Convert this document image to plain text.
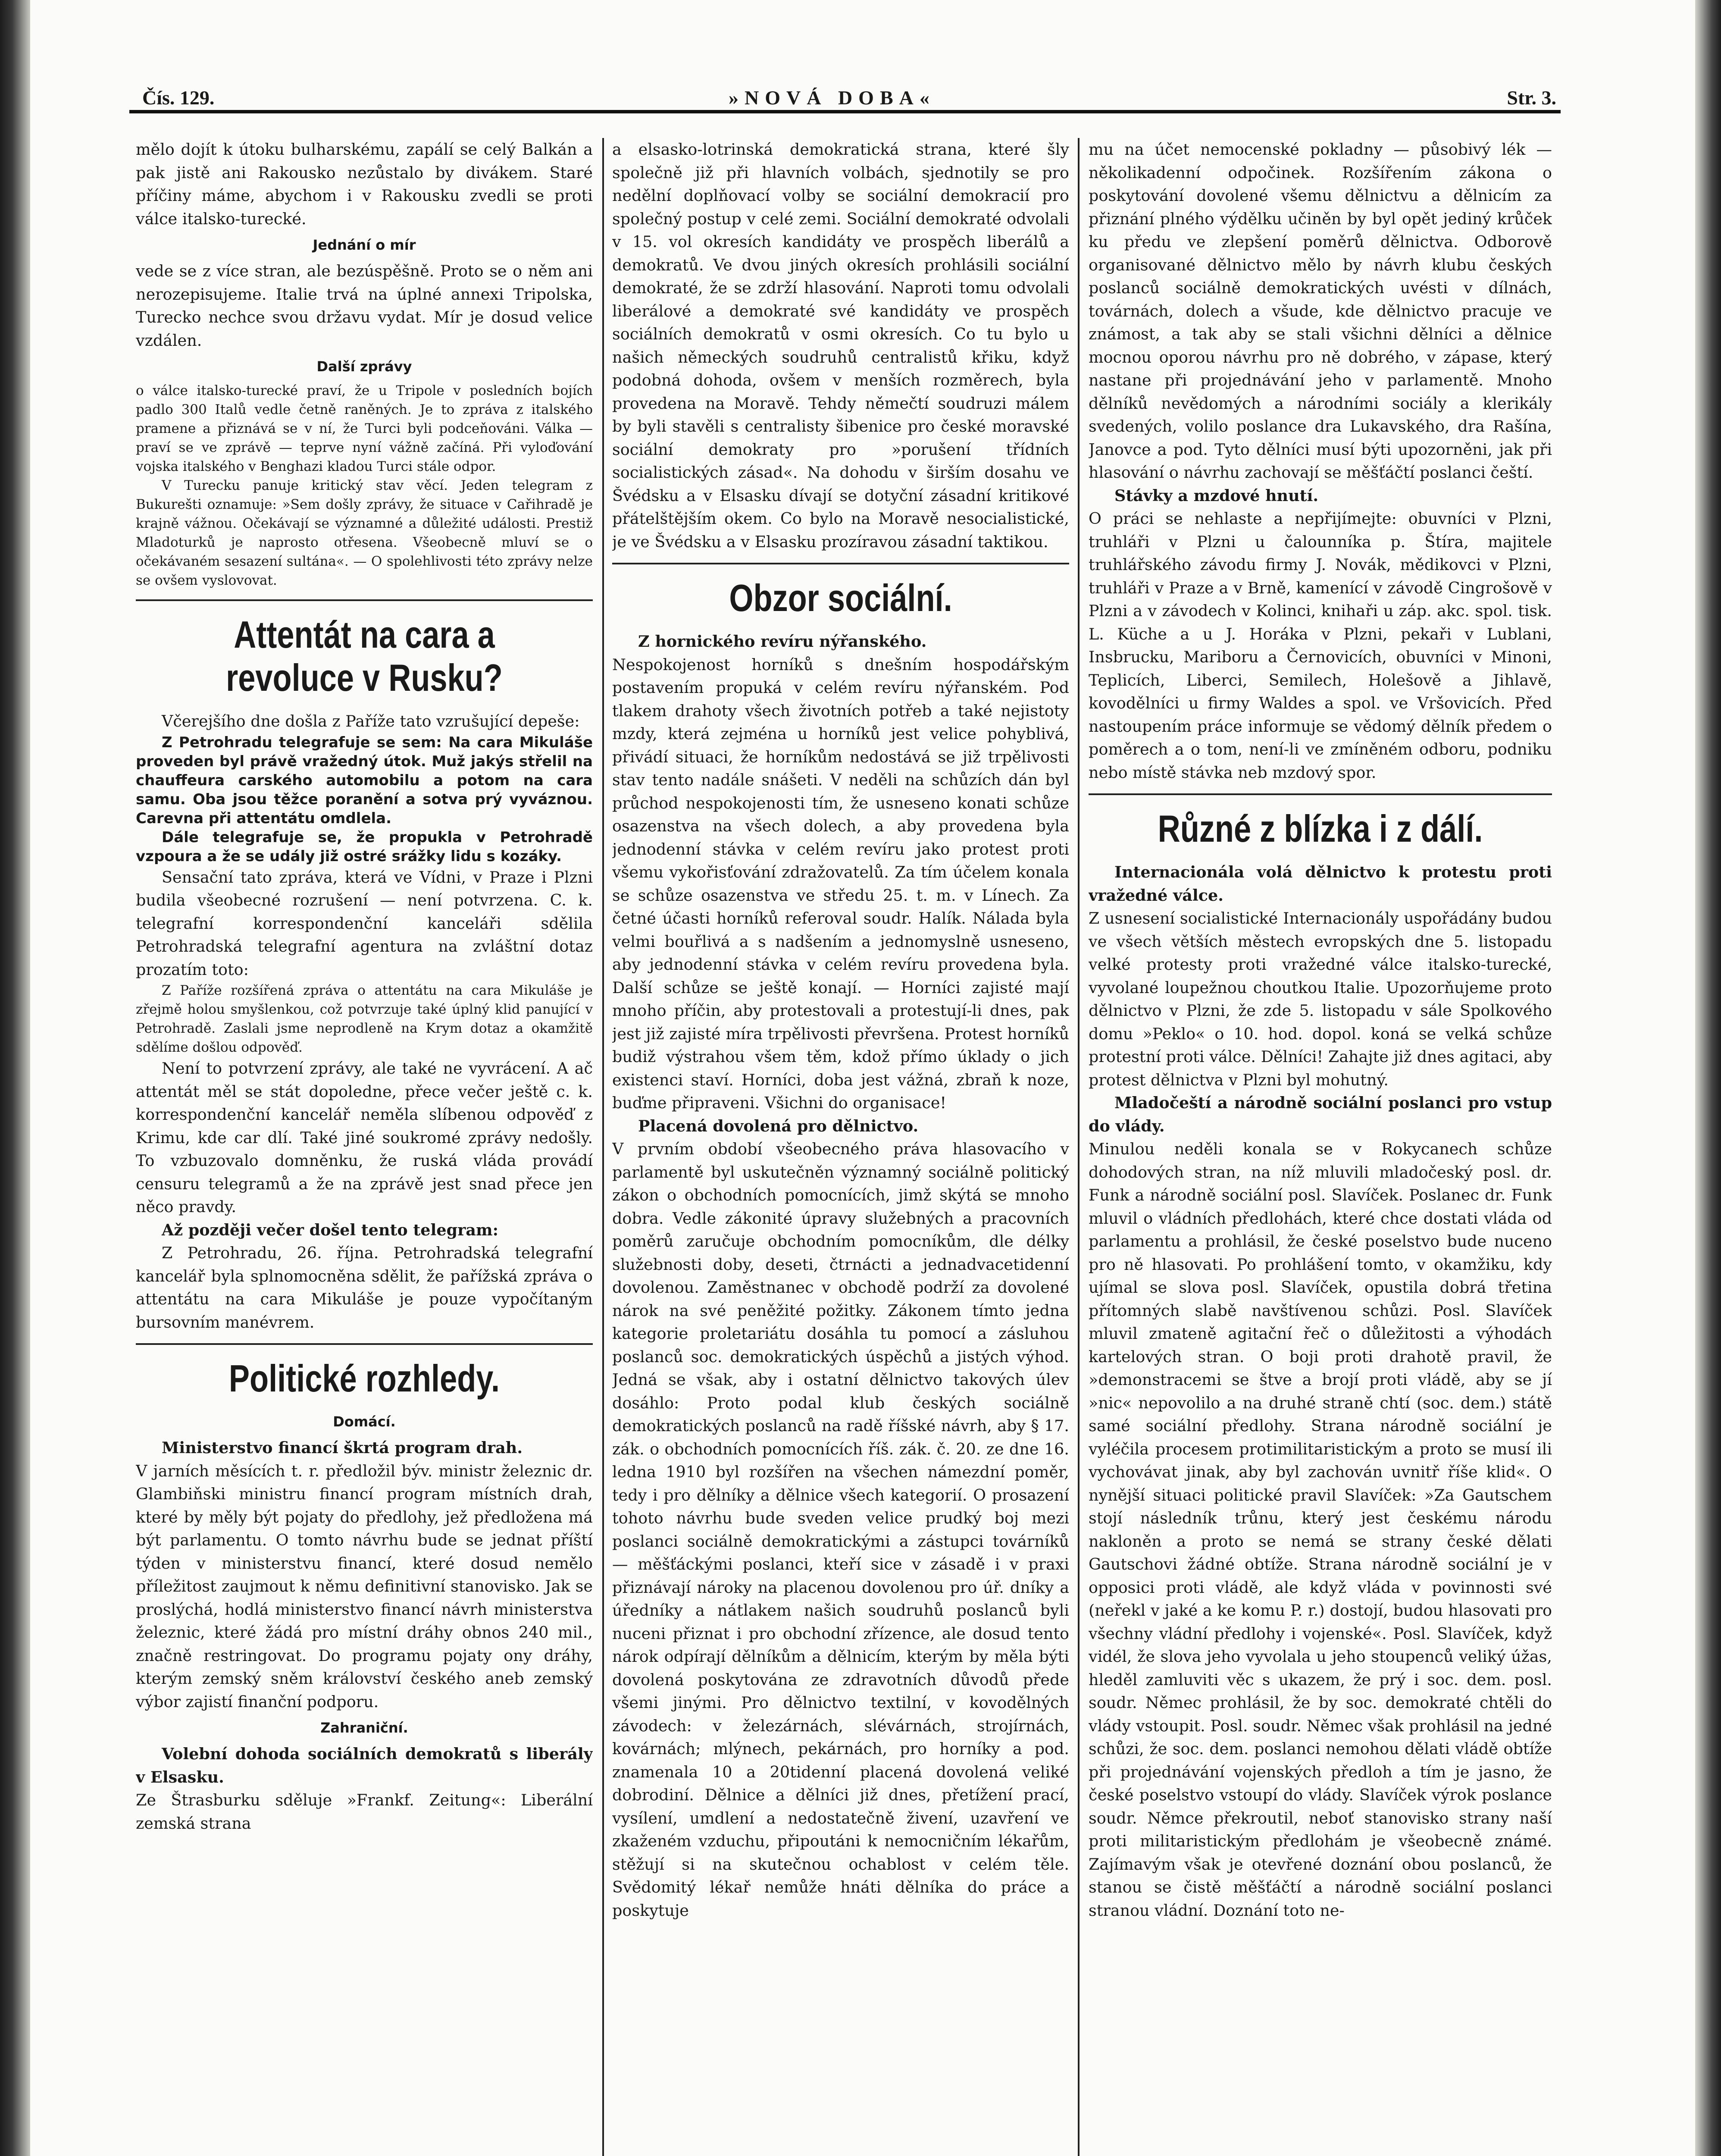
Čís. 129.	»NOVÁ DOBA«	Str. 3.

mělo dojít k útoku bulharskému, zapálí se celý Balkán a pak jistě ani Rakousko nezůstalo by divákem. Staré příčiny máme, abychom i v Rakousku zvedli se proti válce italsko-turecké.

Jednání o mír

vede se z více stran, ale bezúspěšně. Proto se o něm ani nerozepisujeme. Italie trvá na úplné annexi Tripolska, Turecko nechce svou državu vydat. Mír je dosud velice vzdálen.

Další zprávy

o válce italsko-turecké praví, že u Tripole v posledních bojích padlo 300 Italů vedle četně raněných. Je to zpráva z italského pramene a přiznává se v ní, že Turci byli podceňováni. Válka — praví se ve zprávě — teprve nyní vážně začíná. Při vyloďování vojska italského v Benghazi kladou Turci stále odpor.

V Turecku panuje kritický stav věcí. Jeden telegram z Bukurešti oznamuje: »Sem došly zprávy, že situace v Cařihradě je krajně vážnou. Očekávají se významné a důležité události. Prestiž Mladoturků je naprosto otřesena. Všeobecně mluví se o očekávaném sesazení sultána«. — O spolehlivosti této zprávy nelze se ovšem vyslovovat.

Attentát na cara a revoluce v Rusku?

Včerejšího dne došla z Paříže tato vzrušující depeše:

Z Petrohradu telegrafuje se sem: Na cara Mikuláše proveden byl právě vražedný útok. Muž jakýs střelil na chauffeura carského automobilu a potom na cara samu. Oba jsou těžce poranění a sotva prý vyváznou. Carevna při attentátu omdlela.

Dále telegrafuje se, že propukla v Petrohradě vzpoura a že se udály již ostré srážky lidu s kozáky.

Sensační tato zpráva, která ve Vídni, v Praze i Plzni budila všeobecné rozrušení — není potvrzena. C. k. telegrafní korrespondenční kanceláři sdělila Petrohradská telegrafní agentura na zvláštní dotaz prozatím toto:

Z Paříže rozšířená zpráva o attentátu na cara Mikuláše je zřejmě holou smyšlenkou, což potvrzuje také úplný klid panující v Petrohradě. Zaslali jsme neprodleně na Krym dotaz a okamžitě sdělíme došlou odpověď.

Není to potvrzení zprávy, ale také ne vyvrácení. A ač attentát měl se stát dopoledne, přece večer ještě c. k. korrespondenční kancelář neměla slíbenou odpověď z Krimu, kde car dlí. Také jiné soukromé zprávy nedošly. To vzbuzovalo domněnku, že ruská vláda provádí censuru telegramů a že na zprávě jest snad přece jen něco pravdy.

Až později večer došel tento telegram:

Z Petrohradu, 26. října. Petrohradská telegrafní kancelář byla splnomocněna sdělit, že pařížská zpráva o attentátu na cara Mikuláše je pouze vypočítaným bursovním manévrem.

Politické rozhledy.
Domácí.

Ministerstvo financí škrtá program drah.

V jarních měsících t. r. předložil býv. ministr železnic dr. Glambiňski ministru financí program místních drah, které by měly být pojaty do předlohy, jež předložena má být parlamentu. O tomto návrhu bude se jednat příští týden v ministerstvu financí, které dosud nemělo příležitost zaujmout k němu definitivní stanovisko. Jak se proslýchá, hodlá ministerstvo financí návrh ministerstva železnic, které žádá pro místní dráhy obnos 240 mil., značně restringovat. Do programu pojaty ony dráhy, kterým zemský sněm království českého aneb zemský výbor zajistí finanční podporu.

Zahraniční.

Volební dohoda sociálních demokratů s liberály v Elsasku.

Ze Štrasburku sděluje »Frankf. Zeitung«: Liberální zemská strana

a elsasko-lotrinská demokratická strana, které šly společně již při hlavních volbách, sjednotily se pro nedělní doplňovací volby se sociální demokracií pro společný postup v celé zemi. Sociální demokraté odvolali v 15. vol okresích kandidáty ve prospěch liberálů a demokratů. Ve dvou jiných okresích prohlásili sociální demokraté, že se zdrží hlasování. Naproti tomu odvolali liberálové a demokraté své kandidáty ve prospěch sociálních demokratů v osmi okresích. Co tu bylo u našich německých soudruhů centralistů křiku, když podobná dohoda, ovšem v menších rozměrech, byla provedena na Moravě. Tehdy němečtí soudruzi málem by byli stavěli s centralisty šibenice pro české moravské sociální demokraty pro »porušení třídních socialistických zásad«. Na dohodu v širším dosahu ve Švédsku a v Elsasku dívají se dotyční zásadní kritikové přátelštějším okem. Co bylo na Moravě nesocialistické, je ve Švédsku a v Elsasku prozíravou zásadní taktikou.

Obzor sociální.

Z hornického revíru nýřanského.

Nespokojenost horníků s dnešním hospodářským postavením propuká v celém revíru nýřanském. Pod tlakem drahoty všech životních potřeb a také nejistoty mzdy, která zejména u horníků jest velice pohyblivá, přivádí situaci, že horníkům nedostává se již trpělivosti stav tento nadále snášeti. V neděli na schůzích dán byl průchod nespokojenosti tím, že usneseno konati schůze osazenstva na všech dolech, a aby provedena byla jednodenní stávka v celém revíru jako protest proti všemu vykořisťování zdražovatelů. Za tím účelem konala se schůze osazenstva ve středu 25. t. m. v Línech. Za četné účasti horníků referoval soudr. Halík. Nálada byla velmi bouřlivá a s nadšením a jednomyslně usneseno, aby jednodenní stávka v celém revíru provedena byla. Další schůze se ještě konají. — Horníci zajisté mají mnoho příčin, aby protestovali a protestují-li dnes, pak jest již zajisté míra trpělivosti převršena. Protest horníků budiž výstrahou všem těm, kdož přímo úklady o jich existenci staví. Horníci, doba jest vážná, zbraň k noze, buďme připraveni. Všichni do organisace!

Placená dovolená pro dělnictvo.

V prvním období všeobecného práva hlasovacího v parlamentě byl uskutečněn významný sociálně politický zákon o obchodních pomocnících, jimž skýtá se mnoho dobra. Vedle zákonité úpravy služebných a pracovních poměrů zaručuje obchodním pomocníkům, dle délky služebnosti doby, deseti, čtrnácti a jednadvacetidenní dovolenou. Zaměstnanec v obchodě podrží za dovolené nárok na své peněžité požitky. Zákonem tímto jedna kategorie proletariátu dosáhla tu pomocí a zásluhou poslanců soc. demokratických úspěchů a jistých výhod. Jedná se však, aby i ostatní dělnictvo takových úlev dosáhlo: Proto podal klub českých sociálně demokratických poslanců na radě říšské návrh, aby § 17. zák. o obchodních pomocnících říš. zák. č. 20. ze dne 16. ledna 1910 byl rozšířen na všechen námezdní poměr, tedy i pro dělníky a dělnice všech kategorií. O prosazení tohoto návrhu bude sveden velice prudký boj mezi poslanci sociálně demokratickými a zástupci továrníků — měšťáckými poslanci, kteří sice v zásadě i v praxi přiznávají nároky na placenou dovolenou pro úř. dníky a úředníky a nátlakem našich soudruhů poslanců byli nuceni přiznat i pro obchodní zřízence, ale dosud tento nárok odpírají dělníkům a dělnicím, kterým by měla býti dovolená poskytována ze zdravotních důvodů přede všemi jinými. Pro dělnictvo textilní, v kovodělných závodech: v železárnách, slévárnách, strojírnách, kovárnách; mlýnech, pekárnách, pro horníky a pod. znamenala 10 a 20tidenní placená dovolená veliké dobrodiní. Dělnice a dělníci již dnes, přetížení prací, vysílení, umdlení a nedostatečně živení, uzavření ve zkaženém vzduchu, připoutáni k nemocničním lékařům, stěžují si na skutečnou ochablost v celém těle. Svědomitý lékař nemůže hnáti dělníka do práce a poskytuje

mu na účet nemocenské pokladny — působivý lék — několikadenní odpočinek. Rozšířením zákona o poskytování dovolené všemu dělnictvu a dělnicím za přiznání plného výdělku učiněn by byl opět jediný krůček ku předu ve zlepšení poměrů dělnictva. Odborově organisované dělnictvo mělo by návrh klubu českých poslanců sociálně demokratických uvésti v dílnách, továrnách, dolech a všude, kde dělnictvo pracuje ve známost, a tak aby se stali všichni dělníci a dělnice mocnou oporou návrhu pro ně dobrého, v zápase, který nastane při projednávání jeho v parlamentě. Mnoho dělníků nevědomých a národními sociály a klerikály svedených, volilo poslance dra Lukavského, dra Rašína, Janovce a pod. Tyto dělníci musí býti upozorněni, jak při hlasování o návrhu zachovají se měšťáčtí poslanci čeští.

Stávky a mzdové hnutí.

O práci se nehlaste a nepřijímejte: obuvníci v Plzni, truhláři v Plzni u čalounníka p. Štíra, majitele truhlářského závodu firmy J. Novák, mědikovci v Plzni, truhláři v Praze a v Brně, kamenící v závodě Cingrošově v Plzni a v závodech v Kolinci, knihaři u záp. akc. spol. tisk. L. Küche a u J. Horáka v Plzni, pekaři v Lublani, Insbrucku, Mariboru a Černovicích, obuvníci v Minoni, Teplicích, Liberci, Semilech, Holešově a Jihlavě, kovodělníci u firmy Waldes a spol. ve Vršovicích. Před nastoupením práce informuje se vědomý dělník předem o poměrech a o tom, není-li ve zmíněném odboru, podniku nebo místě stávka neb mzdový spor.

Různé z blízka i z dálí.

Internacionála volá dělnictvo k protestu proti vražedné válce.

Z usnesení socialistické Internacionály uspořádány budou ve všech větších městech evropských dne 5. listopadu velké protesty proti vražedné válce italsko-turecké, vyvolané loupežnou choutkou Italie. Upozorňujeme proto dělnictvo v Plzni, že zde 5. listopadu v sále Spolkového domu »Peklo« o 10. hod. dopol. koná se velká schůze protestní proti válce. Dělníci! Zahajte již dnes agitaci, aby protest dělnictva v Plzni byl mohutný.

Mladočeští a národně sociální poslanci pro vstup do vlády.

Minulou neděli konala se v Rokycanech schůze dohodových stran, na níž mluvili mladočeský posl. dr. Funk a národně sociální posl. Slavíček. Poslanec dr. Funk mluvil o vládních předlohách, které chce dostati vláda od parlamentu a prohlásil, že české poselstvo bude nuceno pro ně hlasovati. Po prohlášení tomto, v okamžiku, kdy ujímal se slova posl. Slavíček, opustila dobrá třetina přítomných slabě navštívenou schůzi. Posl. Slavíček mluvil zmateně agitační řeč o důležitosti a výhodách kartelových stran. O boji proti drahotě pravil, že »demonstracemi se štve a brojí proti vládě, aby se jí »nic« nepovolilo a na druhé straně chtí (soc. dem.) státě samé sociální předlohy. Strana národně sociální je vyléčila procesem protimilitaristickým a proto se musí ili vychovávat jinak, aby byl zachován uvnitř říše klid«. O nynější situaci politické pravil Slavíček: »Za Gautschem stojí následník trůnu, který jest českému národu nakloněn a proto se nemá se strany české dělati Gautschovi žádné obtíže. Strana národně sociální je v opposici proti vládě, ale když vláda v povinnosti své (neřekl v jaké a ke komu P. r.) dostojí, budou hlasovati pro všechny vládní předlohy i vojenské«. Posl. Slavíček, když vidél, že slova jeho vyvolala u jeho stoupenců veliký úžas, hleděl zamluviti věc s ukazem, že prý i soc. dem. posl. soudr. Němec prohlásil, že by soc. demokraté chtěli do vlády vstoupit. Posl. soudr. Němec však prohlásil na jedné schůzi, že soc. dem. poslanci nemohou dělati vládě obtíže při projednávání vojenských předloh a tím je jasno, že české poselstvo vstoupí do vlády. Slavíček výrok poslance soudr. Němce překroutil, neboť stanovisko strany naší proti militaristickým předlohám je všeobecně známé. Zajímavým však je otevřené doznání obou poslanců, že stanou se čistě měšťáčtí a národně sociální poslanci stranou vládní. Doznání toto ne-
